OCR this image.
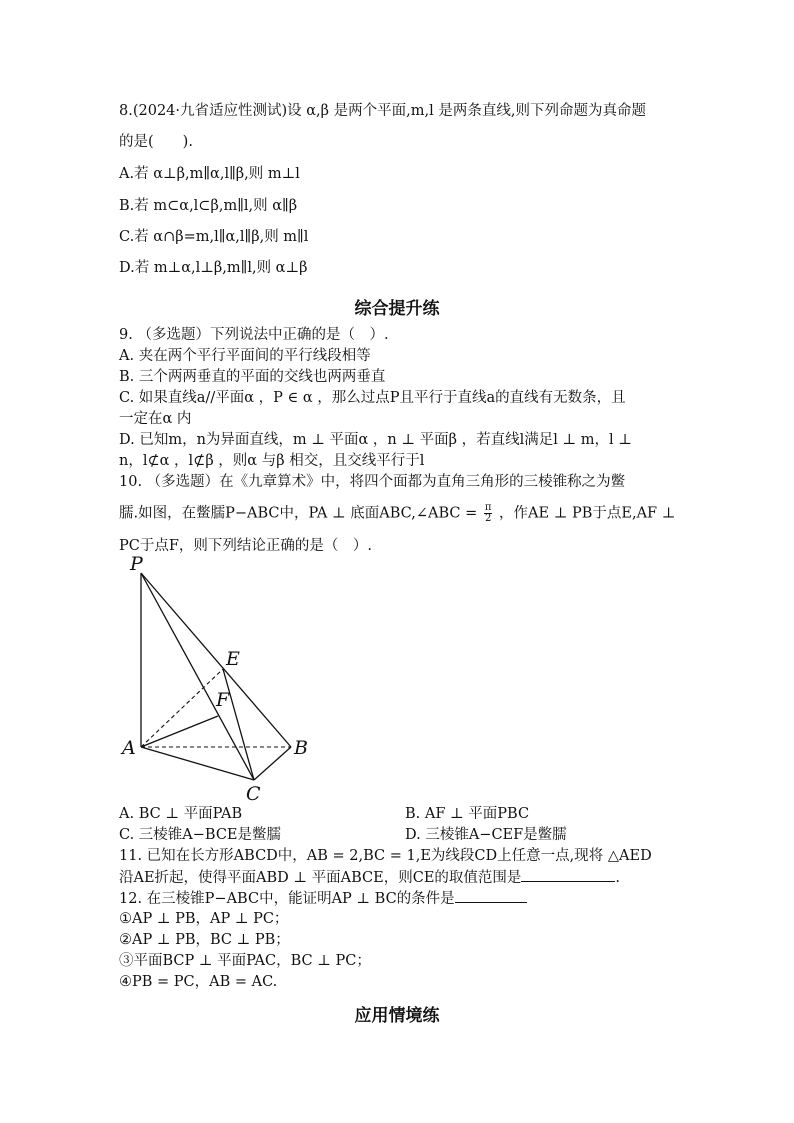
8.(2024·九省适应性测试)设 α,β 是两个平面,m,l 是两条直线,则下列命题为真命题
的是(　　).
A.若 α⊥β,m∥α,l∥β,则 m⊥l
B.若 m⊂α,l⊂β,m∥l,则 α∥β
C.若 α∩β=m,l∥α,l∥β,则 m∥l
D.若 m⊥α,l⊥β,m∥l,则 α⊥β
综合提升练
9. （多选题）下列说法中正确的是（　）.
A. 夹在两个平行平面间的平行线段相等
B. 三个两两垂直的平面的交线也两两垂直
C. 如果直线a//平面α ，P ∈ α ，那么过点P且平行于直线a的直线有无数条，且
一定在α 内
D. 已知m，n为异面直线，m ⊥ 平面α ，n ⊥ 平面β ，若直线l满足l ⊥ m，l ⊥
n，l⊄α ，l⊄β ，则α 与β 相交，且交线平行于l
10. （多选题）在《九章算术》中，将四个面都为直角三角形的三棱锥称之为鳖
臑.如图，在鳖臑P−ABC中，PA ⊥ 底面ABC,∠ABC = $\frac{\pi}{2}$ ，作AE ⊥ PB于点E,AF ⊥
PC于点F，则下列结论正确的是（　）.
P
E
F
A	B
C
A. BC ⊥ 平面PAB	B. AF ⊥ 平面PBC
C. 三棱锥A−BCE是鳖臑	D. 三棱锥A−CEF是鳖臑
11. 已知在长方形ABCD中，AB = 2,BC = 1,E为线段CD上任意一点,现将 △AED
沿AE折起，使得平面ABD ⊥ 平面ABCE，则CE的取值范围是	.
12. 在三棱锥P−ABC中，能证明AP ⊥ BC的条件是
①AP ⊥ PB，AP ⊥ PC；
②AP ⊥ PB，BC ⊥ PB；
③平面BCP ⊥ 平面PAC，BC ⊥ PC；
④PB = PC，AB = AC.
应用情境练
